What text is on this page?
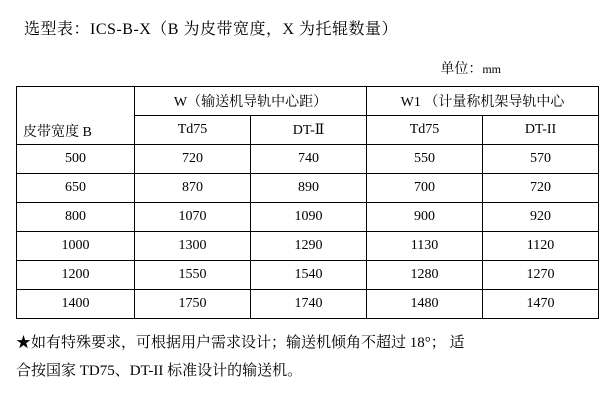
选型表：ICS-B-X（B 为皮带宽度，X 为托辊数量）
单位：mm
皮带宽度 B	W（输送机导轨中心距）		W1 （计量称机架导轨中心	
	Td75	DT-Ⅱ	Td75	DT-II
500	720	740	550	570
650	870	890	700	720
800	1070	1090	900	920
1000	1300	1290	1130	1120
1200	1550	1540	1280	1270
1400	1750	1740	1480	1470
★如有特殊要求，可根据用户需求设计；输送机倾角不超过 18°； 适
合按国家 TD75、DT-II 标准设计的输送机。
